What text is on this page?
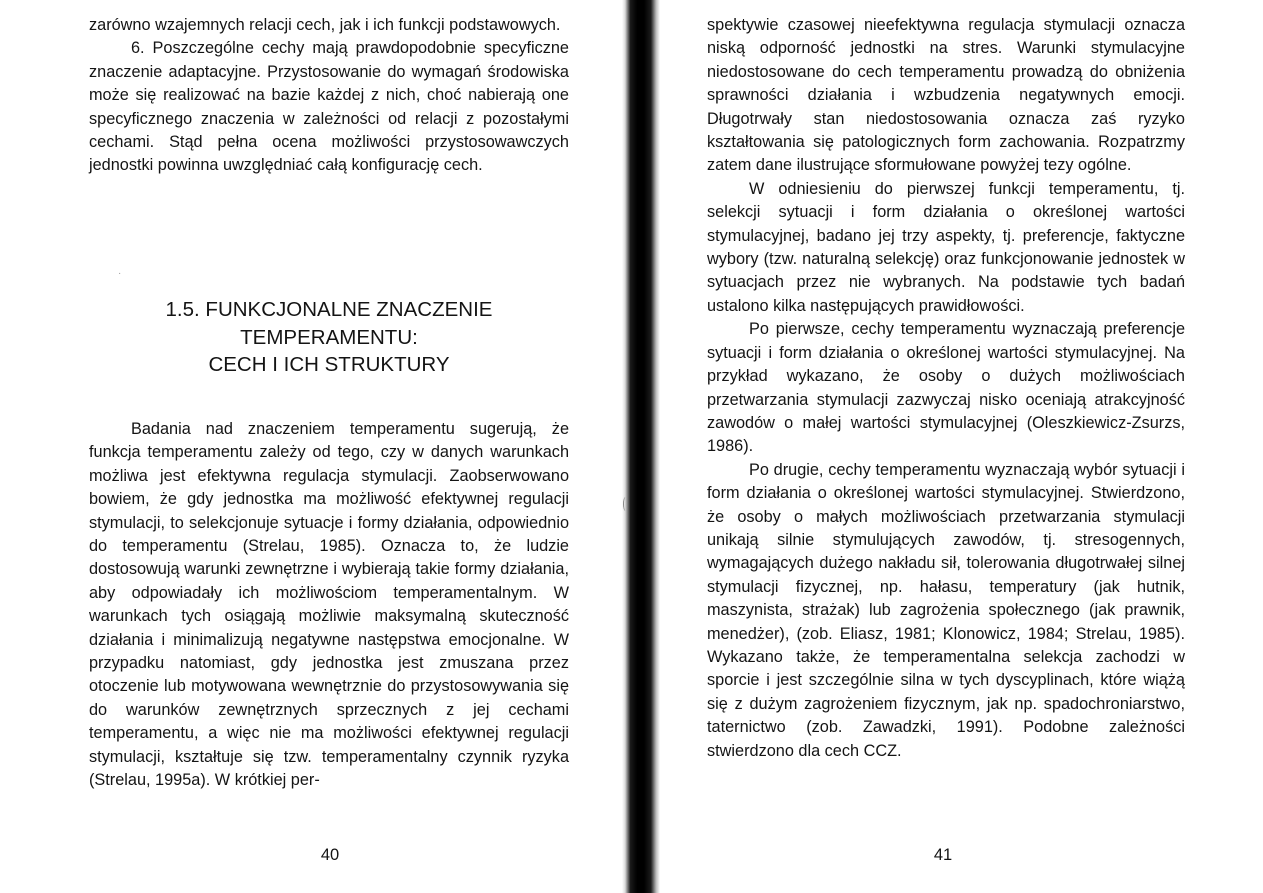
zarówno wzajemnych relacji cech, jak i ich funkcji podstawowych.

6. Poszczególne cechy mają prawdopodobnie specyficzne znaczenie adaptacyjne. Przystosowanie do wymagań środowiska może się realizować na bazie każdej z nich, choć nabierają one specyficznego znaczenia w zależności od relacji z pozostałymi cechami. Stąd pełna ocena możliwości przystosowawczych jednostki powinna uwzględniać całą konfigurację cech.

·
1.5. FUNKCJONALNE ZNACZENIE
TEMPERAMENTU:
CECH I ICH STRUKTURY

Badania nad znaczeniem temperamentu sugerują, że funkcja temperamentu zależy od tego, czy w danych warunkach możliwa jest efektywna regulacja stymulacji. Zaobserwowano bowiem, że gdy jednostka ma możliwość efektywnej regulacji stymulacji, to selekcjonuje sytuacje i formy działania, odpowiednio do temperamentu (Strelau, 1985). Oznacza to, że ludzie dostosowują warunki zewnętrzne i wybierają takie formy działania, aby odpowiadały ich możliwościom temperamentalnym. W warunkach tych osiągają możliwie maksymalną skuteczność działania i minimalizują negatywne następstwa emocjonalne. W przypadku natomiast, gdy jednostka jest zmuszana przez otoczenie lub motywowana wewnętrznie do przystosowywania się do warunków zewnętrznych sprzecznych z jej cechami temperamentu, a więc nie ma możliwości efektywnej regulacji stymulacji, kształtuje się tzw. temperamentalny czynnik ryzyka (Strelau, 1995a). W krótkiej per-

40	41

spektywie czasowej nieefektywna regulacja stymulacji oznacza niską odporność jednostki na stres. Warunki stymulacyjne niedostosowane do cech temperamentu prowadzą do obniżenia sprawności działania i wzbudzenia negatywnych emocji. Długotrwały stan niedostosowania oznacza zaś ryzyko kształtowania się patologicznych form zachowania. Rozpatrzmy zatem dane ilustrujące sformułowane powyżej tezy ogólne.

W odniesieniu do pierwszej funkcji temperamentu, tj. selekcji sytuacji i form działania o określonej wartości stymulacyjnej, badano jej trzy aspekty, tj. preferencje, faktyczne wybory (tzw. naturalną selekcję) oraz funkcjonowanie jednostek w sytuacjach przez nie wybranych. Na podstawie tych badań ustalono kilka następujących prawidłowości.

Po pierwsze, cechy temperamentu wyznaczają preferencje sytuacji i form działania o określonej wartości stymulacyjnej. Na przykład wykazano, że osoby o dużych możliwościach przetwarzania stymulacji zazwyczaj nisko oceniają atrakcyjność zawodów o małej wartości stymulacyjnej (Oleszkiewicz-Zsurzs, 1986).

Po drugie, cechy temperamentu wyznaczają wybór sytuacji i form działania o określonej wartości stymulacyjnej. Stwierdzono, że osoby o małych możliwościach przetwarzania stymulacji unikają silnie stymulujących zawodów, tj. stresogennych, wymagających dużego nakładu sił, tolerowania długotrwałej silnej stymulacji fizycznej, np. hałasu, temperatury (jak hutnik, maszynista, strażak) lub zagrożenia społecznego (jak prawnik, menedżer), (zob. Eliasz, 1981; Klonowicz, 1984; Strelau, 1985). Wykazano także, że temperamentalna selekcja zachodzi w sporcie i jest szczególnie silna w tych dyscyplinach, które wiążą się z dużym zagrożeniem fizycznym, jak np. spadochroniarstwo, taternictwo (zob. Zawadzki, 1991). Podobne zależności stwierdzono dla cech CCZ.
